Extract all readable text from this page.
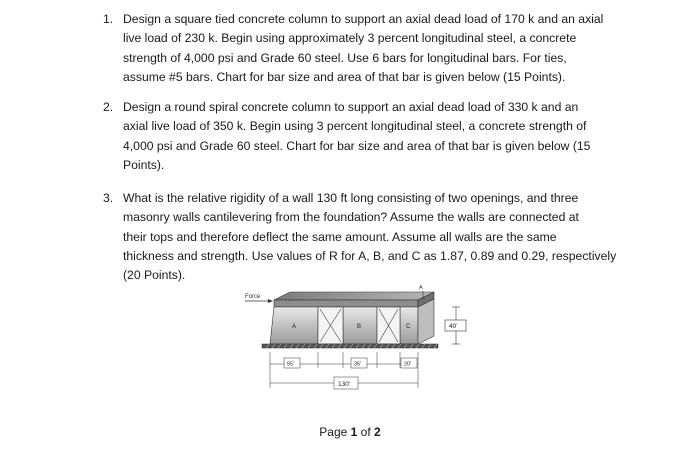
1. Design a square tied concrete column to support an axial dead load of 170 k and an axial
live load of 230 k. Begin using approximately 3 percent longitudinal steel, a concrete
strength of 4,000 psi and Grade 60 steel. Use 6 bars for longitudinal bars. For ties,
assume #5 bars. Chart for bar size and area of that bar is given below (15 Points).
2. Design a round spiral concrete column to support an axial dead load of 330 k and an
axial live load of 350 k. Begin using 3 percent longitudinal steel, a concrete strength of
4,000 psi and Grade 60 steel. Chart for bar size and area of that bar is given below (15
Points).
3. What is the relative rigidity of a wall 130 ft long consisting of two openings, and three
masonry walls cantilevering from the foundation? Assume the walls are connected at
their tops and therefore deflect the same amount. Assume all walls are the same
thickness and strength. Use values of R for A, B, and C as 1.87, 0.89 and 0.29, respectively
(20 Points).
Force
A
A	B	C	40'
55'	35'	20'
130'
Page 1 of 2
